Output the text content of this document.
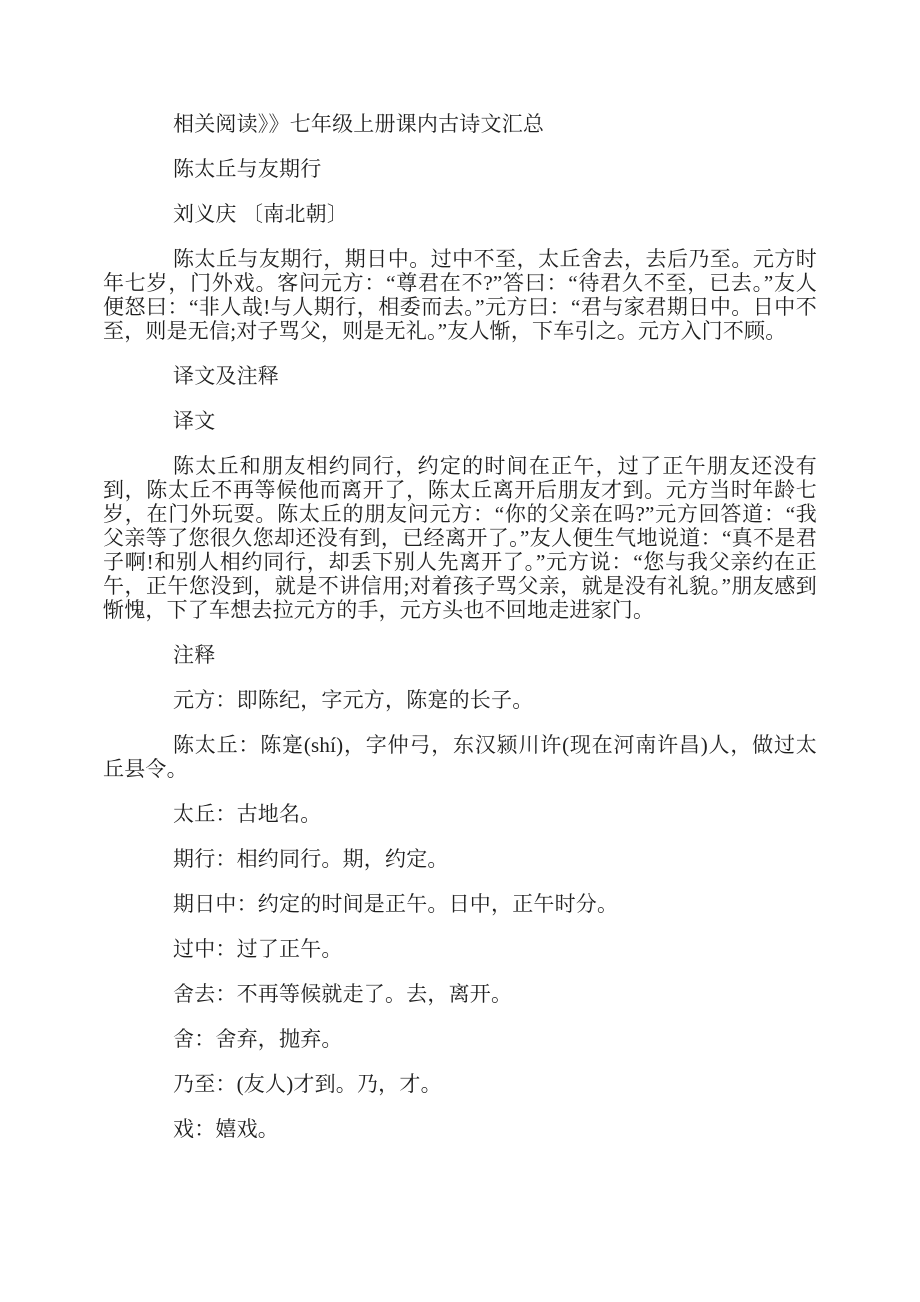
相关阅读》》七年级上册课内古诗文汇总

陈太丘与友期行

刘义庆 〔南北朝〕

陈太丘与友期行，期日中。过中不至，太丘舍去，去后乃至。元方时年七岁，门外戏。客问元方：“尊君在不?”答曰：“待君久不至，已去。”友人便怒曰：“非人哉!与人期行，相委而去。”元方曰：“君与家君期日中。日中不至，则是无信;对子骂父，则是无礼。”友人惭，下车引之。元方入门不顾。

译文及注释

译文

陈太丘和朋友相约同行，约定的时间在正午，过了正午朋友还没有到，陈太丘不再等候他而离开了，陈太丘离开后朋友才到。元方当时年龄七岁，在门外玩耍。陈太丘的朋友问元方：“你的父亲在吗?”元方回答道：“我父亲等了您很久您却还没有到，已经离开了。”友人便生气地说道：“真不是君子啊!和别人相约同行，却丢下别人先离开了。”元方说：“您与我父亲约在正午，正午您没到，就是不讲信用;对着孩子骂父亲，就是没有礼貌。”朋友感到惭愧，下了车想去拉元方的手，元方头也不回地走进家门。

注释

元方：即陈纪，字元方，陈寔的长子。

陈太丘：陈寔(shí)，字仲弓，东汉颍川许(现在河南许昌)人，做过太丘县令。

太丘：古地名。

期行：相约同行。期，约定。

期日中：约定的时间是正午。日中，正午时分。

过中：过了正午。

舍去：不再等候就走了。去，离开。

舍：舍弃，抛弃。

乃至：(友人)才到。乃，才。

戏：嬉戏。
